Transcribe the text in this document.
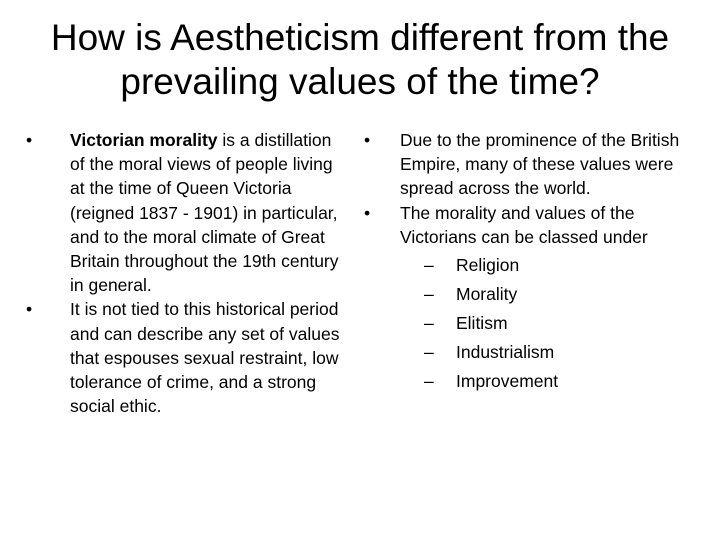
How is Aestheticism different from the prevailing values of the time?
• Victorian morality is a distillation of the moral views of people living at the time of Queen Victoria (reigned 1837 - 1901) in particular, and to the moral climate of Great Britain throughout the 19th century in general.
• It is not tied to this historical period and can describe any set of values that espouses sexual restraint, low tolerance of crime, and a strong social ethic.
• Due to the prominence of the British Empire, many of these values were spread across the world.
• The morality and values of the Victorians can be classed under
– Religion
– Morality
– Elitism
– Industrialism
– Improvement
